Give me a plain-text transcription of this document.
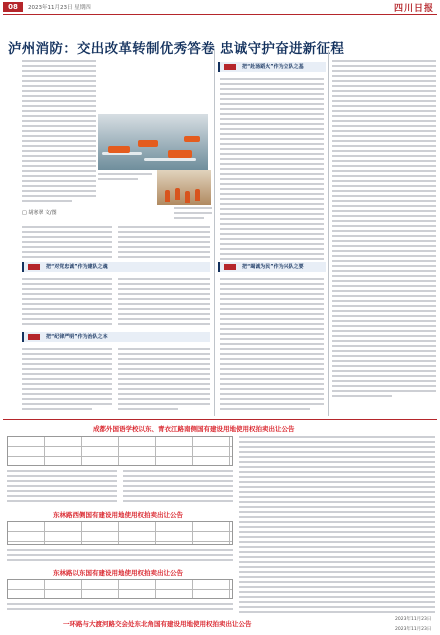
08	2023年11月23日 星期四	四川日报
泸州消防：交出改革转制优秀答卷 忠诚守护奋进新征程
□ 胡寒翠 文/图
把“赴汤蹈火”作为立队之基
把“竭诚为民”作为兴队之要
把“对党忠诚”作为建队之魂
把“纪律严明”作为治队之本
成都外国语学校以东、青衣江路南侧国有建设用地使用权拍卖出让公告
东林路西侧国有建设用地使用权拍卖出让公告
东林路以东国有建设用地使用权拍卖出让公告
2023年11月23日
一环路与大渡河路交会处东北角国有建设用地使用权拍卖出让公告
2023年11月23日
